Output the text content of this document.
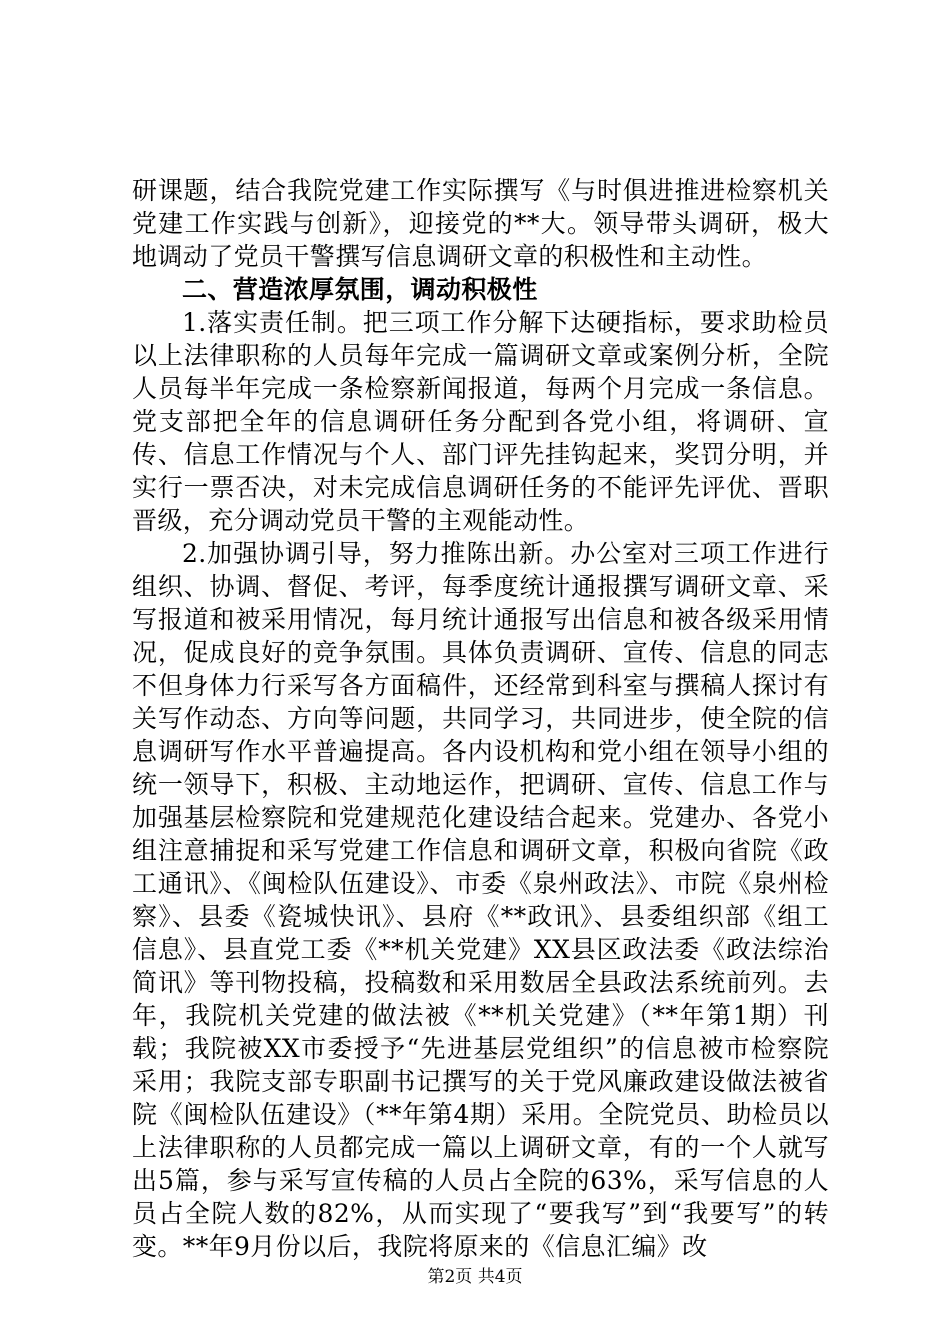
研课题，结合我院党建工作实际撰写《与时俱进推进检察机关党建工作实践与创新》，迎接党的**大。领导带头调研，极大地调动了党员干警撰写信息调研文章的积极性和主动性。

二、营造浓厚氛围，调动积极性

1.落实责任制。把三项工作分解下达硬指标，要求助检员以上法律职称的人员每年完成一篇调研文章或案例分析，全院人员每半年完成一条检察新闻报道，每两个月完成一条信息。党支部把全年的信息调研任务分配到各党小组，将调研、宣传、信息工作情况与个人、部门评先挂钩起来，奖罚分明，并实行一票否决，对未完成信息调研任务的不能评先评优、晋职晋级，充分调动党员干警的主观能动性。

2.加强协调引导，努力推陈出新。办公室对三项工作进行组织、协调、督促、考评，每季度统计通报撰写调研文章、采写报道和被采用情况，每月统计通报写出信息和被各级采用情况，促成良好的竞争氛围。具体负责调研、宣传、信息的同志不但身体力行采写各方面稿件，还经常到科室与撰稿人探讨有关写作动态、方向等问题，共同学习，共同进步，使全院的信息调研写作水平普遍提高。各内设机构和党小组在领导小组的统一领导下，积极、主动地运作，把调研、宣传、信息工作与加强基层检察院和党建规范化建设结合起来。党建办、各党小组注意捕捉和采写党建工作信息和调研文章，积极向省院《政工通讯》、《闽检队伍建设》、市委《泉州政法》、市院《泉州检察》、县委《瓷城快讯》、县府《**政讯》、县委组织部《组工信息》、县直党工委《**机关党建》XX县区政法委《政法综治简讯》等刊物投稿，投稿数和采用数居全县政法系统前列。去年，我院机关党建的做法被《**机关党建》（**年第1期）刊载；我院被XX市委授予“先进基层党组织”的信息被市检察院采用；我院支部专职副书记撰写的关于党风廉政建设做法被省院《闽检队伍建设》（**年第4期）采用。全院党员、助检员以上法律职称的人员都完成一篇以上调研文章，有的一个人就写出5篇，参与采写宣传稿的人员占全院的63%，采写信息的人员占全院人数的82%，从而实现了“要我写”到“我要写”的转变。**年9月份以后，我院将原来的《信息汇编》改

第2页 共4页
